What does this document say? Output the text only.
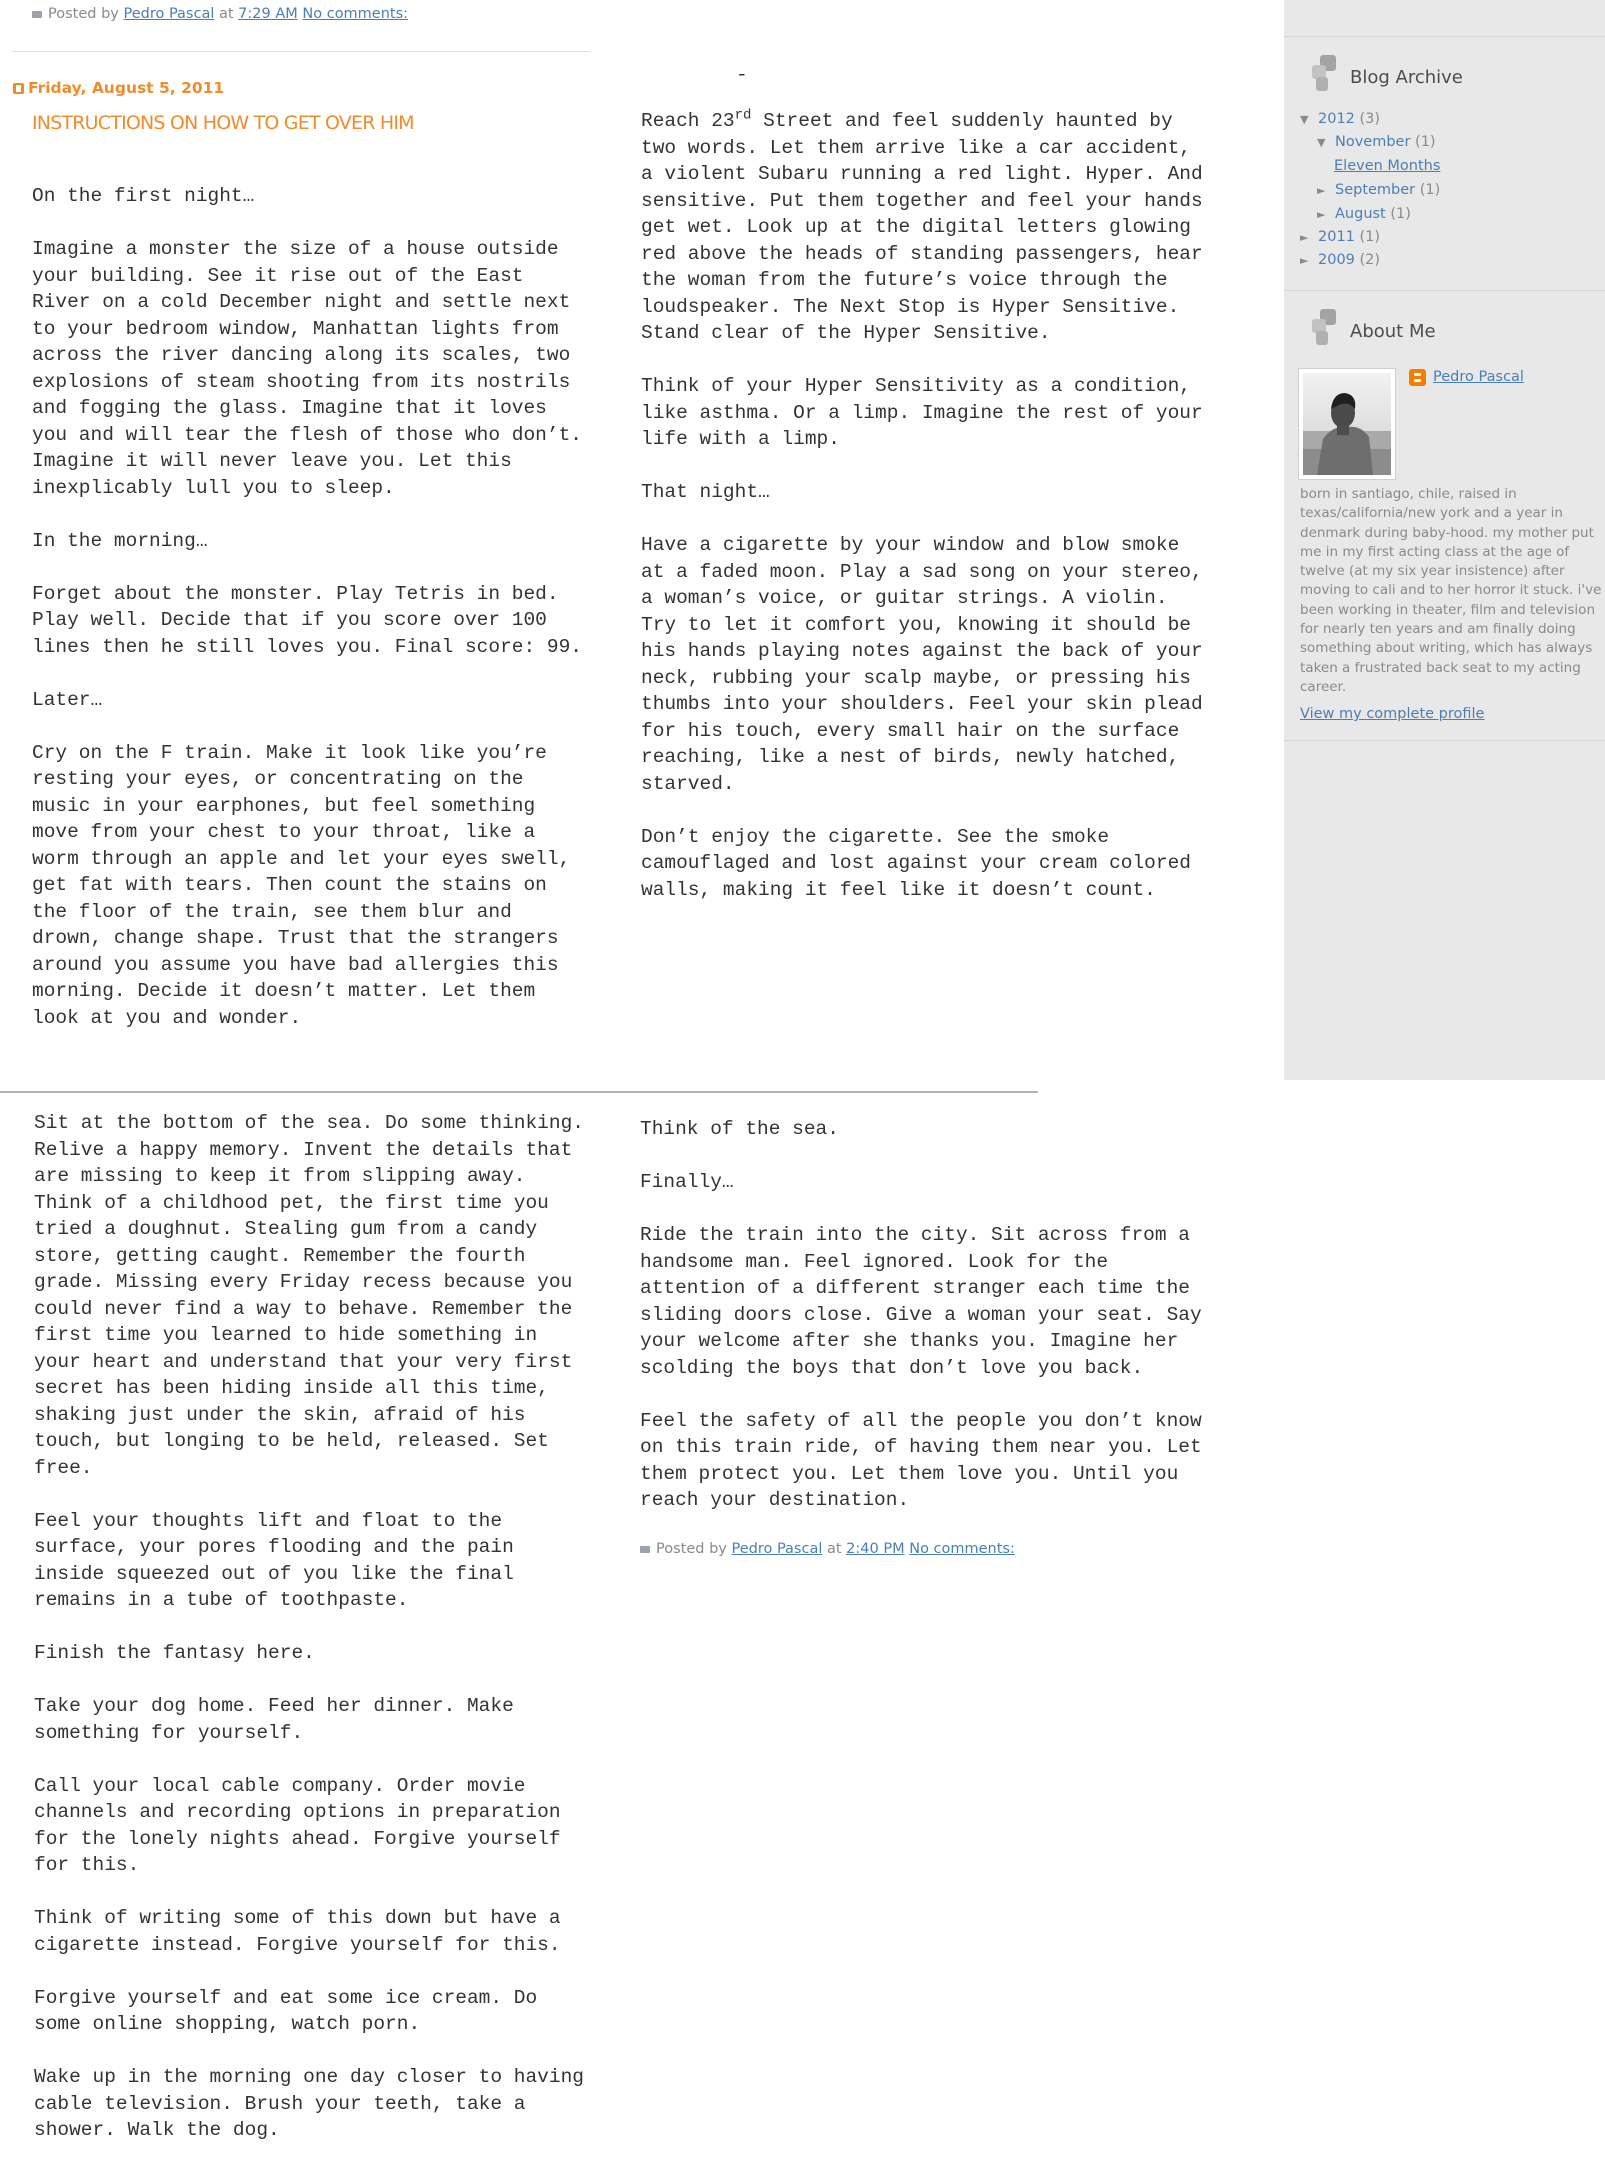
Posted by Pedro Pascal at 7:29 AM No comments:
Friday, August 5, 2011
INSTRUCTIONS ON HOW TO GET OVER HIM

On the first night…

Imagine a monster the size of a house outside your building. See it rise out of the East River on a cold December night and settle next to your bedroom window, Manhattan lights from across the river dancing along its scales, two explosions of steam shooting from its nostrils and fogging the glass. Imagine that it loves you and will tear the flesh of those who don’t. Imagine it will never leave you. Let this inexplicably lull you to sleep.

In the morning…

Forget about the monster. Play Tetris in bed. Play well. Decide that if you score over 100 lines then he still loves you. Final score: 99.

Later…

Cry on the F train. Make it look like you’re resting your eyes, or concentrating on the music in your earphones, but feel something move from your chest to your throat, like a worm through an apple and let your eyes swell, get fat with tears. Then count the stains on the floor of the train, see them blur and drown, change shape. Trust that the strangers around you assume you have bad allergies this morning. Decide it doesn’t matter. Let them look at you and wonder.

-

Reach 23rd Street and feel suddenly haunted by two words. Let them arrive like a car accident, a violent Subaru running a red light. Hyper. And sensitive. Put them together and feel your hands get wet. Look up at the digital letters glowing red above the heads of standing passengers, hear the woman from the future’s voice through the loudspeaker. The Next Stop is Hyper Sensitive. Stand clear of the Hyper Sensitive.

Think of your Hyper Sensitivity as a condition, like asthma. Or a limp. Imagine the rest of your life with a limp.

That night…

Have a cigarette by your window and blow smoke at a faded moon. Play a sad song on your stereo, a woman’s voice, or guitar strings. A violin. Try to let it comfort you, knowing it should be his hands playing notes against the back of your neck, rubbing your scalp maybe, or pressing his thumbs into your shoulders. Feel your skin plead for his touch, every small hair on the surface reaching, like a nest of birds, newly hatched, starved.

Don’t enjoy the cigarette. See the smoke camouflaged and lost against your cream colored walls, making it feel like it doesn’t count.

Sit at the bottom of the sea. Do some thinking. Relive a happy memory. Invent the details that are missing to keep it from slipping away. Think of a childhood pet, the first time you tried a doughnut. Stealing gum from a candy store, getting caught. Remember the fourth grade. Missing every Friday recess because you could never find a way to behave. Remember the first time you learned to hide something in your heart and understand that your very first secret has been hiding inside all this time, shaking just under the skin, afraid of his touch, but longing to be held, released. Set free.

Feel your thoughts lift and float to the surface, your pores flooding and the pain inside squeezed out of you like the final remains in a tube of toothpaste.

Finish the fantasy here.

Take your dog home. Feed her dinner. Make something for yourself.

Call your local cable company. Order movie channels and recording options in preparation for the lonely nights ahead. Forgive yourself for this.

Think of writing some of this down but have a cigarette instead. Forgive yourself for this.

Forgive yourself and eat some ice cream. Do some online shopping, watch porn.

Wake up in the morning one day closer to having cable television. Brush your teeth, take a shower. Walk the dog.

Think of the sea.

Finally…

Ride the train into the city. Sit across from a handsome man. Feel ignored. Look for the attention of a different stranger each time the sliding doors close. Give a woman your seat. Say your welcome after she thanks you. Imagine her scolding the boys that don’t love you back.

Feel the safety of all the people you don’t know on this train ride, of having them near you. Let them protect you. Let them love you. Until you reach your destination.

Posted by Pedro Pascal at 2:40 PM No comments:
Blog Archive
▼ 2012 (3)
▼ November (1)
Eleven Months
► September (1)
► August (1)
► 2011 (1)
► 2009 (2)
About Me
Pedro Pascal
born in santiago, chile, raised in texas/california/new york and a year in denmark during baby-hood. my mother put me in my first acting class at the age of twelve (at my six year insistence) after moving to cali and to her horror it stuck. i've been working in theater, film and television for nearly ten years and am finally doing something about writing, which has always taken a frustrated back seat to my acting career.
View my complete profile
